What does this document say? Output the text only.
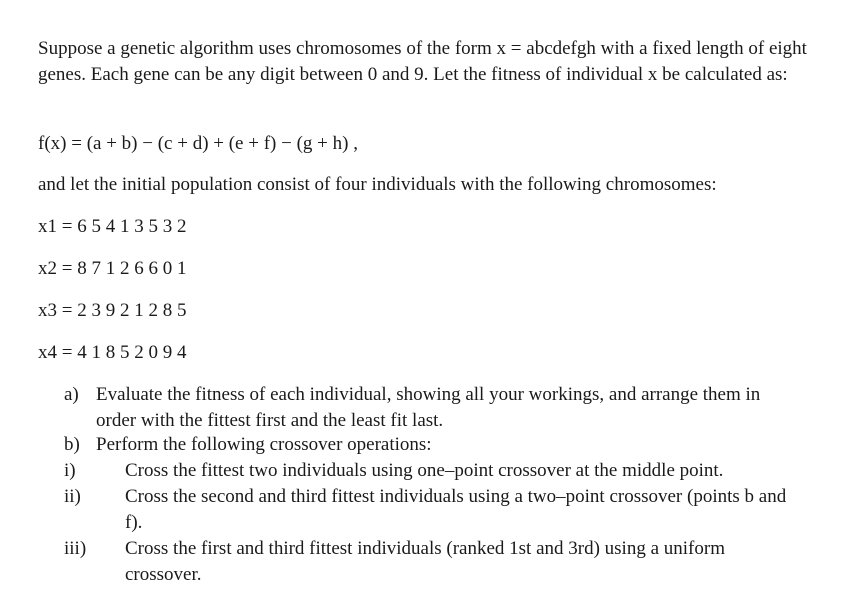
Suppose a genetic algorithm uses chromosomes of the form x = abcdefgh with a fixed length of eight genes. Each gene can be any digit between 0 and 9. Let the fitness of individual x be calculated as:

f(x) = (a + b) − (c + d) + (e + f) − (g + h) ,

and let the initial population consist of four individuals with the following chromosomes:

x1 = 6 5 4 1 3 5 3 2

x2 = 8 7 1 2 6 6 0 1

x3 = 2 3 9 2 1 2 8 5

x4 = 4 1 8 5 2 0 9 4

a) Evaluate the fitness of each individual, showing all your workings, and arrange them in order with the fittest first and the least fit last.

b) Perform the following crossover operations:

i)	Cross the fittest two individuals using one–point crossover at the middle point.

ii) Cross the second and third fittest individuals using a two–point crossover (points b and f).

iii) Cross the first and third fittest individuals (ranked 1st and 3rd) using a uniform crossover.
